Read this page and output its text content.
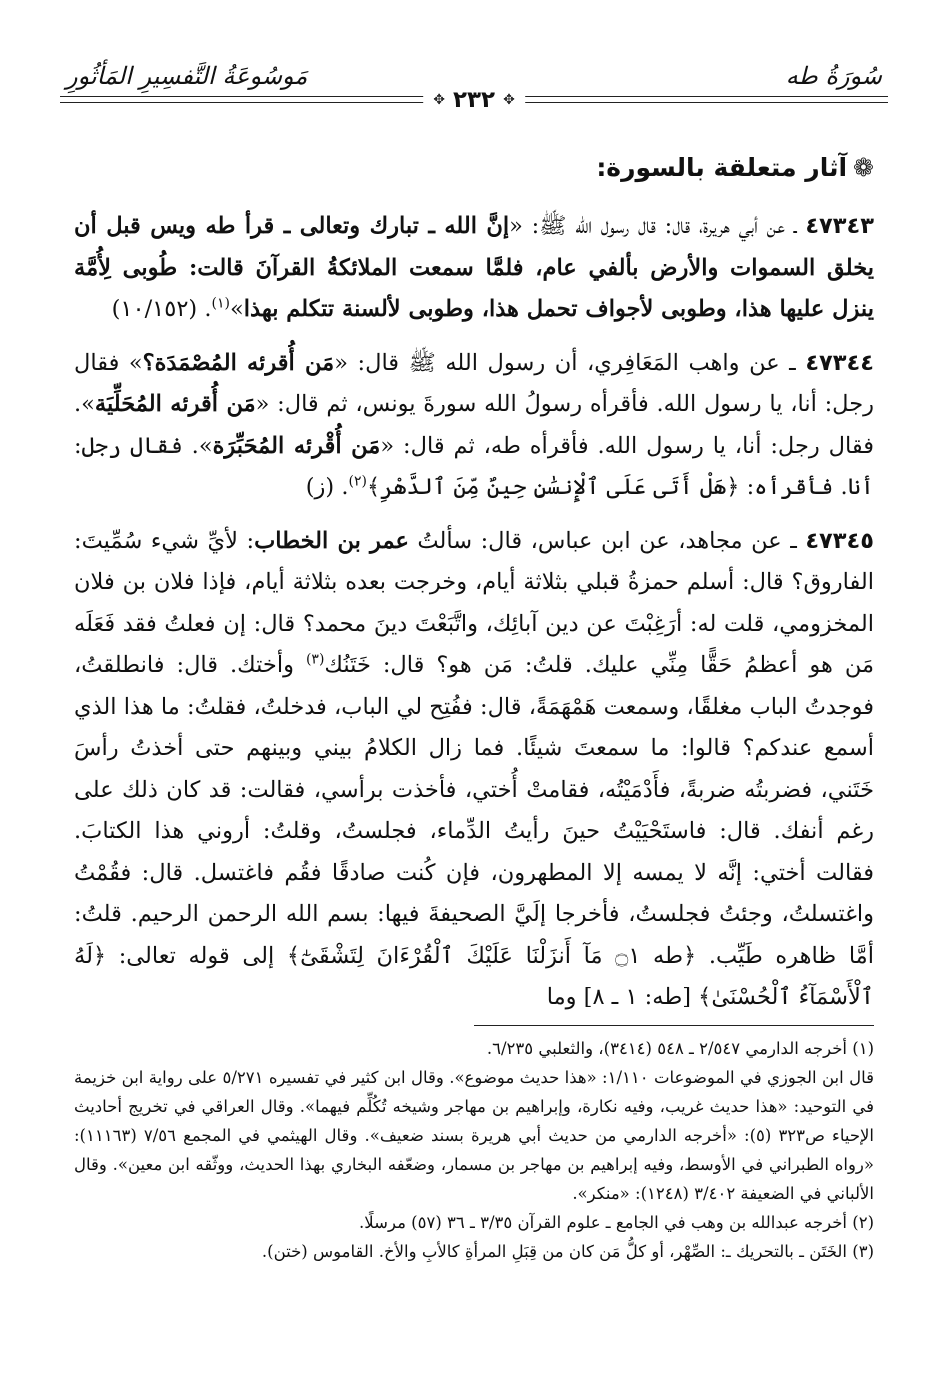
سُورَةُ طه
مَوسُوعَةُ التَّفسِيرِ المَأثُورِ
✥
٢٣٢
✥
❁آثار متعلقة بالسورة:

٤٧٣٤٣ ـ عن أبي هريرة، قال: قال رسول الله ﷺ: «إنَّ الله ـ تبارك وتعالى ـ قرأ طه ويس قبل أن يخلق السموات والأرض بألفي عام، فلمَّا سمعت الملائكةُ القرآنَ قالت: طُوبى لِأُمَّة ينزل عليها هذا، وطوبى لأجواف تحمل هذا، وطوبى لألسنة تتكلم بهذا»$^{(١)}$. (١٠/١٥٢)

٤٧٣٤٤ ـ عن واهب المَعَافِري، أن رسول الله ﷺ قال: «مَن أُقرئه المُصْمَدَة؟» فقال رجل: أنا، يا رسول الله. فأقرأه رسولُ الله سورةَ يونس، ثم قال: «مَن أُقرئه المُحَلِّيَة». فقال رجل: أنا، يا رسول الله. فأقرأه طه، ثم قال: «مَن أُقْرئه المُحَبِّرَة». فقال رجل: أنا. فأقرأه: ﴿هَلْ أَتَى عَلَى ٱلْإِنسَٰنِ حِينٌ مِّنَ ٱلدَّهْرِ﴾$^{(٢)}$. (ز)

٤٧٣٤٥ ـ عن مجاهد، عن ابن عباس، قال: سألتُ عمر بن الخطاب: لأيِّ شيء سُمِّيتَ: الفاروق؟ قال: أسلم حمزةُ قبلي بثلاثة أيام، وخرجت بعده بثلاثة أيام، فإذا فلان بن فلان المخزومي، قلت له: أرَغِبْتَ عن دين آبائِك، واتَّبَعْتَ دينَ محمد؟ قال: إن فعلتُ فقد فَعَلَه مَن هو أعظمُ حَقًّا مِنِّي عليك. قلتُ: مَن هو؟ قال: خَتَنُك$^{(٣)}$ وأختك. قال: فانطلقتُ، فوجدتُ الباب مغلقًا، وسمعت هَمْهَمَةً، قال: ففُتِح لي الباب، فدخلتُ، فقلتُ: ما هذا الذي أسمع عندكم؟ قالوا: ما سمعتَ شيئًا. فما زال الكلامُ بيني وبينهم حتى أخذتُ رأسَ خَتَني، فضربتُه ضربةً، فأَدْمَيْتُه، فقامتْ أُختي، فأخذت برأسي، فقالت: قد كان ذلك على رغم أنفك. قال: فاستَحْيَيْتُ حينَ رأيتُ الدِّماء، فجلستُ، وقلتُ: أروني هذا الكتابَ. فقالت أختي: إنَّه لا يمسه إلا المطهرون، فإن كُنت صادقًا فقُم فاغتسل. قال: فقُمْتُ واغتسلتُ، وجئتُ فجلستُ، فأخرجا إلَيَّ الصحيفةَ فيها: بسم الله الرحمن الرحيم. قلتُ: أمَّا ظاهره طَيِّب. ﴿طه ۝١ مَآ أَنزَلْنَا عَلَيْكَ ٱلْقُرْءَانَ لِتَشْقَىٰٓ﴾ إلى قوله تعالى: ﴿لَهُ ٱلْأَسْمَآءُ ٱلْحُسْنَىٰ﴾ [طه: ١ ـ ٨] وما

(١) أخرجه الدارمي ٢/٥٤٧ ـ ٥٤٨ (٣٤١٤)، والثعلبي ٦/٢٣٥.

قال ابن الجوزي في الموضوعات ١/١١٠: «هذا حديث موضوع». وقال ابن كثير في تفسيره ٥/٢٧١ على رواية ابن خزيمة في التوحيد: «هذا حديث غريب، وفيه نكارة، وإبراهيم بن مهاجر وشيخه تُكُلِّم فيهما». وقال العراقي في تخريج أحاديث الإحياء ص٣٢٣ (٥): «أخرجه الدارمي من حديث أبي هريرة بسند ضعيف». وقال الهيثمي في المجمع ٧/٥٦ (١١١٦٣): «رواه الطبراني في الأوسط، وفيه إبراهيم بن مهاجر بن مسمار، وضعّفه البخاري بهذا الحديث، ووثّقه ابن معين». وقال الألباني في الضعيفة ٣/٤٠٢ (١٢٤٨): «منكر».

(٢) أخرجه عبدالله بن وهب في الجامع ـ علوم القرآن ٣/٣٥ ـ ٣٦ (٥٧) مرسلًا.

(٣) الخَتَن ـ بالتحريك ـ: الصِّهْر، أو كلُّ مَن كان من قِبَلِ المرأةِ كالأبِ والأخ. القاموس (ختن).
